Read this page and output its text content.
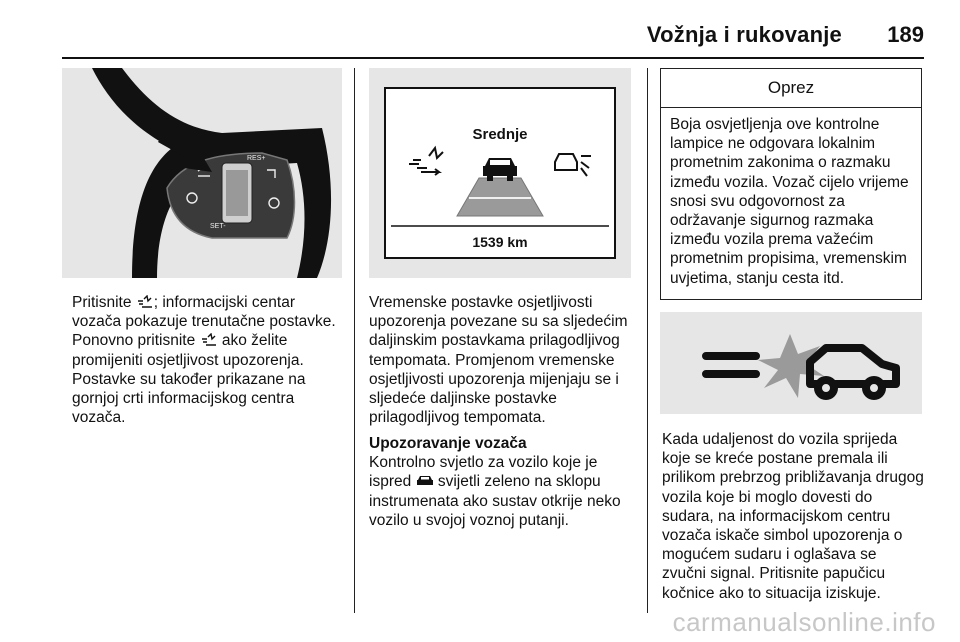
Vožnja i rukovanje 189
SET-
RES+
Srednje
1539 km

Pritisnite
; informacijski centar vozača pokazuje trenutačne postavke. Ponovno pritisnite
ako želite promijeniti osjetljivost upozorenja. Postavke su također prikazane na gornjoj crti informacijskog centra vozača.

Vremenske postavke osjetljivosti upozorenja povezane su sa sljedećim daljinskim postavkama prilagodljivog tempomata. Promjenom vremenske osjetljivosti upozorenja mijenjaju se i sljedeće daljinske postavke prilagodljivog tempomata.

Upozoravanje vozača
Kontrolno svjetlo za vozilo koje je ispred
svijetli zeleno na sklopu instrumenata ako sustav otkrije neko vozilo u svojoj voznoj putanji.

Oprez
Boja osvjetljenja ove kontrolne lampice ne odgovara lokalnim prometnim zakonima o razmaku između vozila. Vozač cijelo vrijeme snosi svu odgovornost za održavanje sigurnog razmaka između vozila prema važećim prometnim propisima, vremenskim uvjetima, stanju cesta itd.

Kada udaljenost do vozila sprijeda koje se kreće postane premala ili prilikom prebrzog približavanja drugog vozila koje bi moglo dovesti do sudara, na informacijskom centru vozača iskače simbol upozorenja o mogućem sudaru i oglašava se zvučni signal. Pritisnite papučicu kočnice ako to situacija iziskuje.

carmanualsonline.info
